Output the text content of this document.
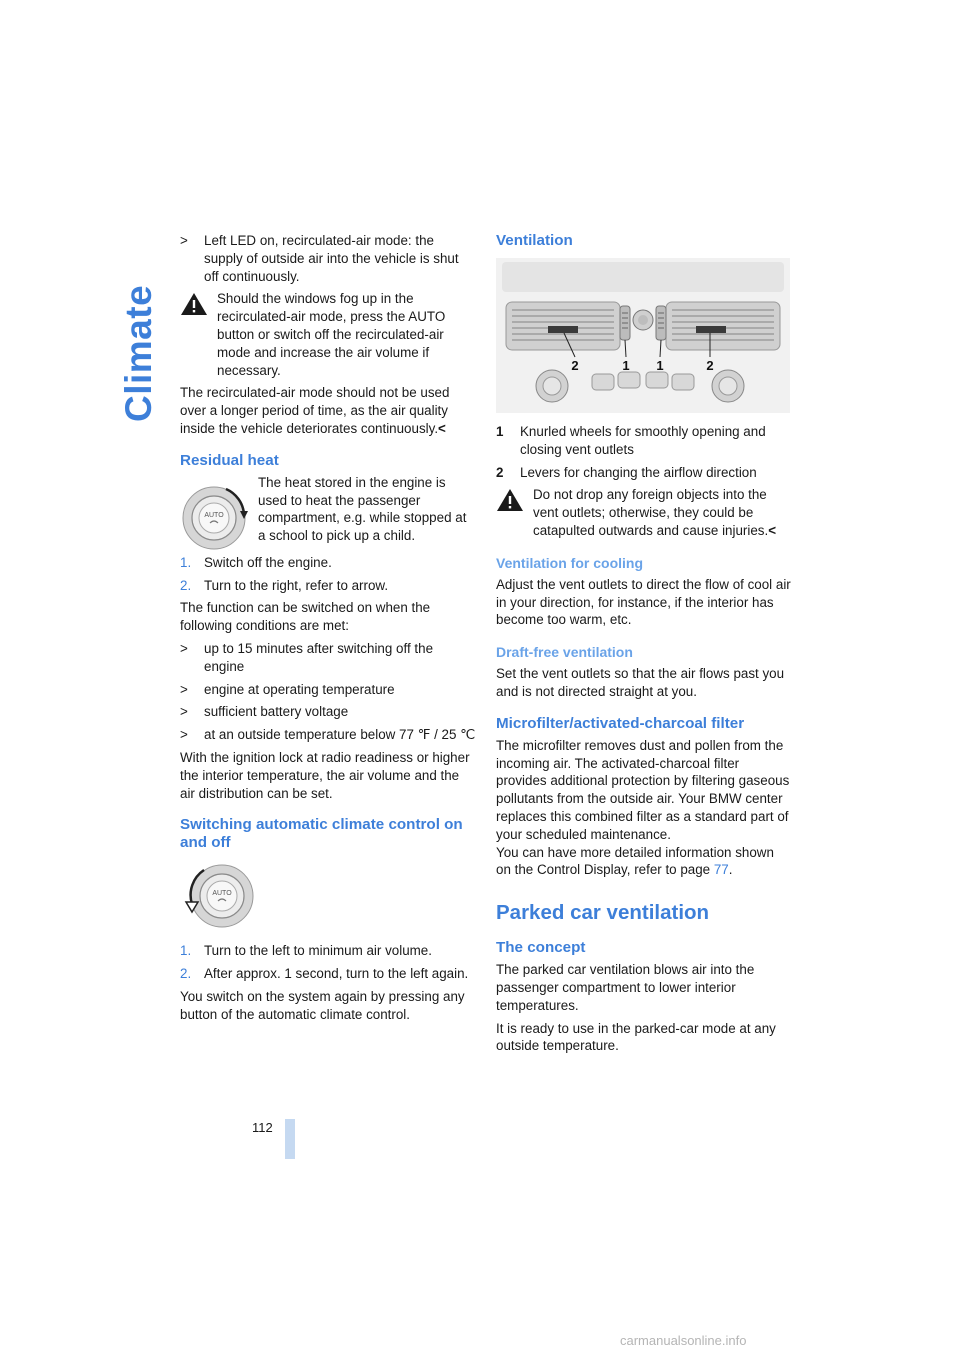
Climate
112
carmanualsonline.info
> Left LED on, recirculated-air mode: the supply of outside air into the vehicle is shut off continuously.

Should the windows fog up in the recirculated-air mode, press the AUTO button or switch off the recirculated-air mode and increase the air volume if necessary.

The recirculated-air mode should not be used over a longer period of time, as the air quality inside the vehicle deteriorates continuously.<

Residual heat
AUTO

The heat stored in the engine is used to heat the passenger compartment, e.g. while stopped at a school to pick up a child.

1. Switch off the engine.
2. Turn to the right, refer to arrow.

The function can be switched on when the following conditions are met:

> up to 15 minutes after switching off the engine
> engine at operating temperature
> sufficient battery voltage
> at an outside temperature below 77 ℉ / 25 ℃

With the ignition lock at radio readiness or higher the interior temperature, the air volume and the air distribution can be set.

Switching automatic climate control on and off
AUTO
1. Turn to the left to minimum air volume.
2. After approx. 1 second, turn to the left again.

You switch on the system again by pressing any button of the automatic climate control.

Ventilation
2	1 1	2
1 Knurled wheels for smoothly opening and closing vent outlets
2 Levers for changing the airflow direction

Do not drop any foreign objects into the vent outlets; otherwise, they could be catapulted outwards and cause injuries.<

Ventilation for cooling

Adjust the vent outlets to direct the flow of cool air in your direction, for instance, if the interior has become too warm, etc.

Draft-free ventilation

Set the vent outlets so that the air flows past you and is not directed straight at you.

Microfilter/activated-charcoal filter

The microfilter removes dust and pollen from the incoming air. The activated-charcoal filter provides additional protection by filtering gaseous pollutants from the outside air. Your BMW center replaces this combined filter as a standard part of your scheduled maintenance.

You can have more detailed information shown on the Control Display, refer to page 77.

Parked car ventilation
The concept

The parked car ventilation blows air into the passenger compartment to lower interior temperatures.

It is ready to use in the parked-car mode at any outside temperature.
